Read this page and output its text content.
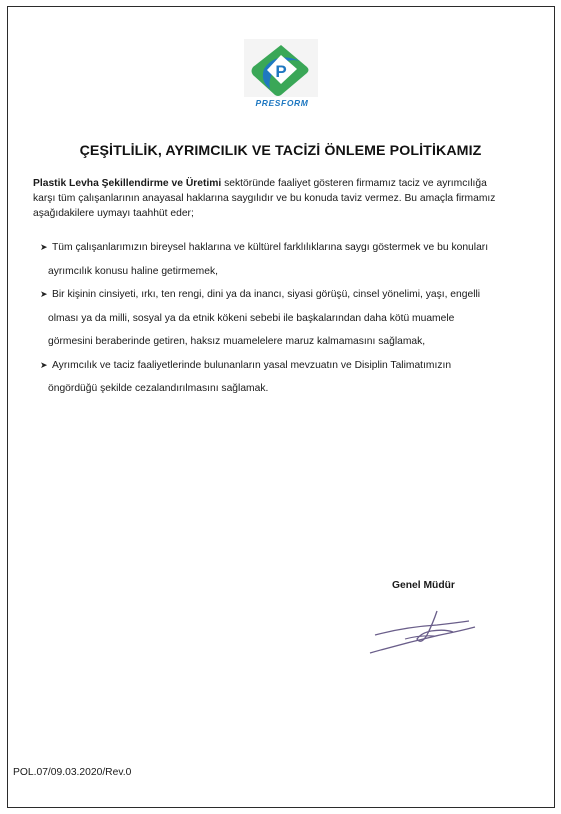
P
PRESFORM
ÇEŞİTLİLİK, AYRIMCILIK VE TACİZİ ÖNLEME POLİTİKAMIZ
Plastik Levha Şekillendirme ve Üretimi sektöründe faaliyet gösteren firmamız taciz ve ayrımcılığa
karşı tüm çalışanlarının anayasal haklarına saygılıdır ve bu konuda taviz vermez. Bu amaçla firmamız
aşağıdakilere uymayı taahhüt eder;
➤ Tüm çalışanlarımızın bireysel haklarına ve kültürel farklılıklarına saygı göstermek ve bu konuları
ayrımcılık konusu haline getirmemek,
➤ Bir kişinin cinsiyeti, ırkı, ten rengi, dini ya da inancı, siyasi görüşü, cinsel yönelimi, yaşı, engelli
olması ya da milli, sosyal ya da etnik kökeni sebebi ile başkalarından daha kötü muamele
görmesini beraberinde getiren, haksız muamelelere maruz kalmamasını sağlamak,
➤ Ayrımcılık ve taciz faaliyetlerinde bulunanların yasal mevzuatın ve Disiplin Talimatımızın
öngördüğü şekilde cezalandırılmasını sağlamak.
Genel Müdür
POL.07/09.03.2020/Rev.0
